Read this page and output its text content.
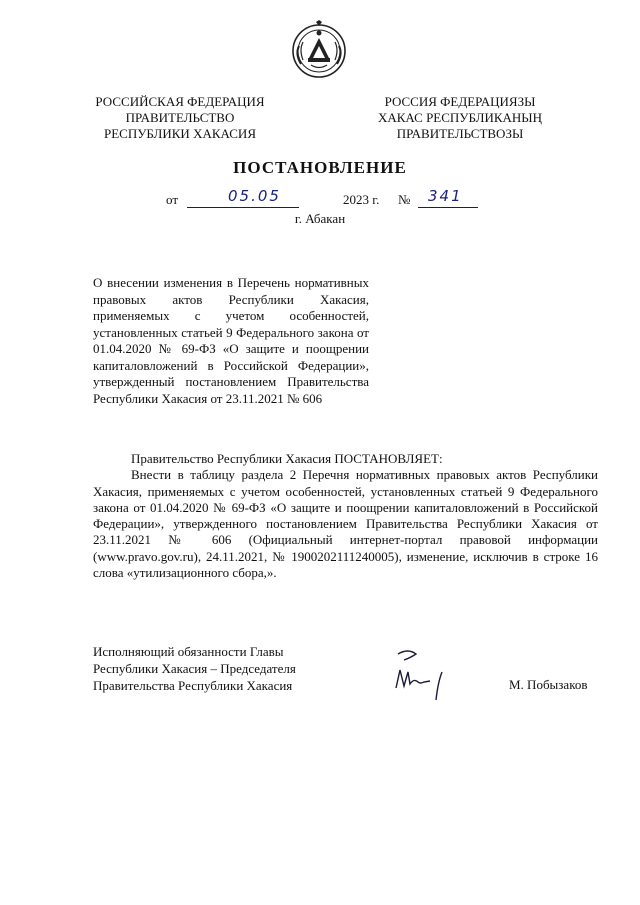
РОССИЙСКАЯ ФЕДЕРАЦИЯ
ПРАВИТЕЛЬСТВО
РЕСПУБЛИКИ ХАКАСИЯ
РОССИЯ ФЕДЕРАЦИЯЗЫ
ХАКАС РЕСПУБЛИКАНЫҢ
ПРАВИТЕЛЬСТВОЗЫ
ПОСТАНОВЛЕНИЕ
от	05.05	2023 г. № 341
г. Абакан
О внесении изменения в Перечень нормативных правовых актов Республики Хакасия, применяемых с учетом особенностей, установленных статьей 9 Федерального закона от 01.04.2020 № 69-ФЗ «О защите и поощрении капиталовложений в Российской Федерации», утвержденный постановлением Правительства Республики Хакасия от 23.11.2021 № 606

Правительство Республики Хакасия ПОСТАНОВЛЯЕТ:

Внести в таблицу раздела 2 Перечня нормативных правовых актов Республики Хакасия, применяемых с учетом особенностей, установленных статьей 9 Федерального закона от 01.04.2020 № 69-ФЗ «О защите и поощрении капиталовложений в Российской Федерации», утвержденного постановлением Правительства Республики Хакасия от 23.11.2021 № 606 (Официальный интернет-портал правовой информации (www.pravo.gov.ru), 24.11.2021, № 1900202111240005), изменение, исключив в строке 16 слова «утилизационного сбора,».

Исполняющий обязанности Главы
Республики Хакасия – Председателя
Правительства Республики Хакасия	М. Побызаков
